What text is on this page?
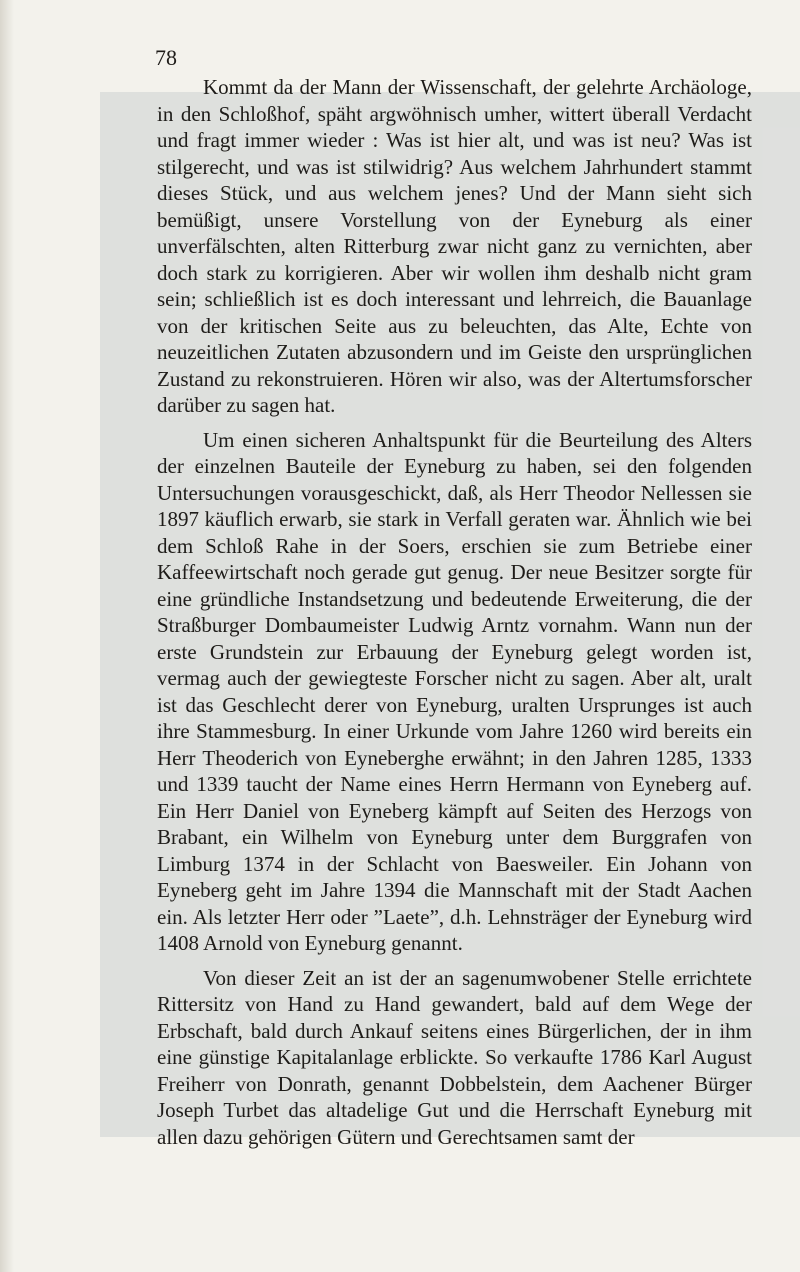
78

Kommt da der Mann der Wissenschaft, der gelehrte Archäologe, in den Schloßhof, späht argwöhnisch umher, wittert überall Verdacht und fragt immer wieder : Was ist hier alt, und was ist neu? Was ist stilgerecht, und was ist stilwidrig? Aus welchem Jahrhundert stammt dieses Stück, und aus welchem jenes? Und der Mann sieht sich bemüßigt, unsere Vorstellung von der Eyneburg als einer unverfälschten, alten Ritterburg zwar nicht ganz zu vernichten, aber doch stark zu korrigieren. Aber wir wollen ihm deshalb nicht gram sein; schließlich ist es doch interessant und lehrreich, die Bauanlage von der kritischen Seite aus zu beleuchten, das Alte, Echte von neuzeitlichen Zutaten abzusondern und im Geiste den ursprünglichen Zustand zu rekonstruieren. Hören wir also, was der Altertumsforscher darüber zu sagen hat.

Um einen sicheren Anhaltspunkt für die Beurteilung des Alters der einzelnen Bauteile der Eyneburg zu haben, sei den folgenden Untersuchungen vorausgeschickt, daß, als Herr Theodor Nellessen sie 1897 käuflich erwarb, sie stark in Verfall geraten war. Ähnlich wie bei dem Schloß Rahe in der Soers, erschien sie zum Betriebe einer Kaffeewirtschaft noch gerade gut genug. Der neue Besitzer sorgte für eine gründliche Instandsetzung und bedeutende Erweiterung, die der Straßburger Dombaumeister Ludwig Arntz vornahm. Wann nun der erste Grundstein zur Erbauung der Eyneburg gelegt worden ist, vermag auch der gewiegteste Forscher nicht zu sagen. Aber alt, uralt ist das Geschlecht derer von Eyneburg, uralten Ursprunges ist auch ihre Stammesburg. In einer Urkunde vom Jahre 1260 wird bereits ein Herr Theoderich von Eyneberghe erwähnt; in den Jahren 1285, 1333 und 1339 taucht der Name eines Herrn Hermann von Eyneberg auf. Ein Herr Daniel von Eyneberg kämpft auf Seiten des Herzogs von Brabant, ein Wilhelm von Eyneburg unter dem Burggrafen von Limburg 1374 in der Schlacht von Baesweiler. Ein Johann von Eyneberg geht im Jahre 1394 die Mannschaft mit der Stadt Aachen ein. Als letzter Herr oder ”Laete”, d.h. Lehnsträger der Eyneburg wird 1408 Arnold von Eyneburg genannt.

Von dieser Zeit an ist der an sagenumwobener Stelle errichtete Rittersitz von Hand zu Hand gewandert, bald auf dem Wege der Erbschaft, bald durch Ankauf seitens eines Bürgerlichen, der in ihm eine günstige Kapitalanlage erblickte. So verkaufte 1786 Karl August Freiherr von Donrath, genannt Dobbelstein, dem Aachener Bürger Joseph Turbet das altadelige Gut und die Herrschaft Eyneburg mit allen dazu gehörigen Gütern und Gerechtsamen samt der
